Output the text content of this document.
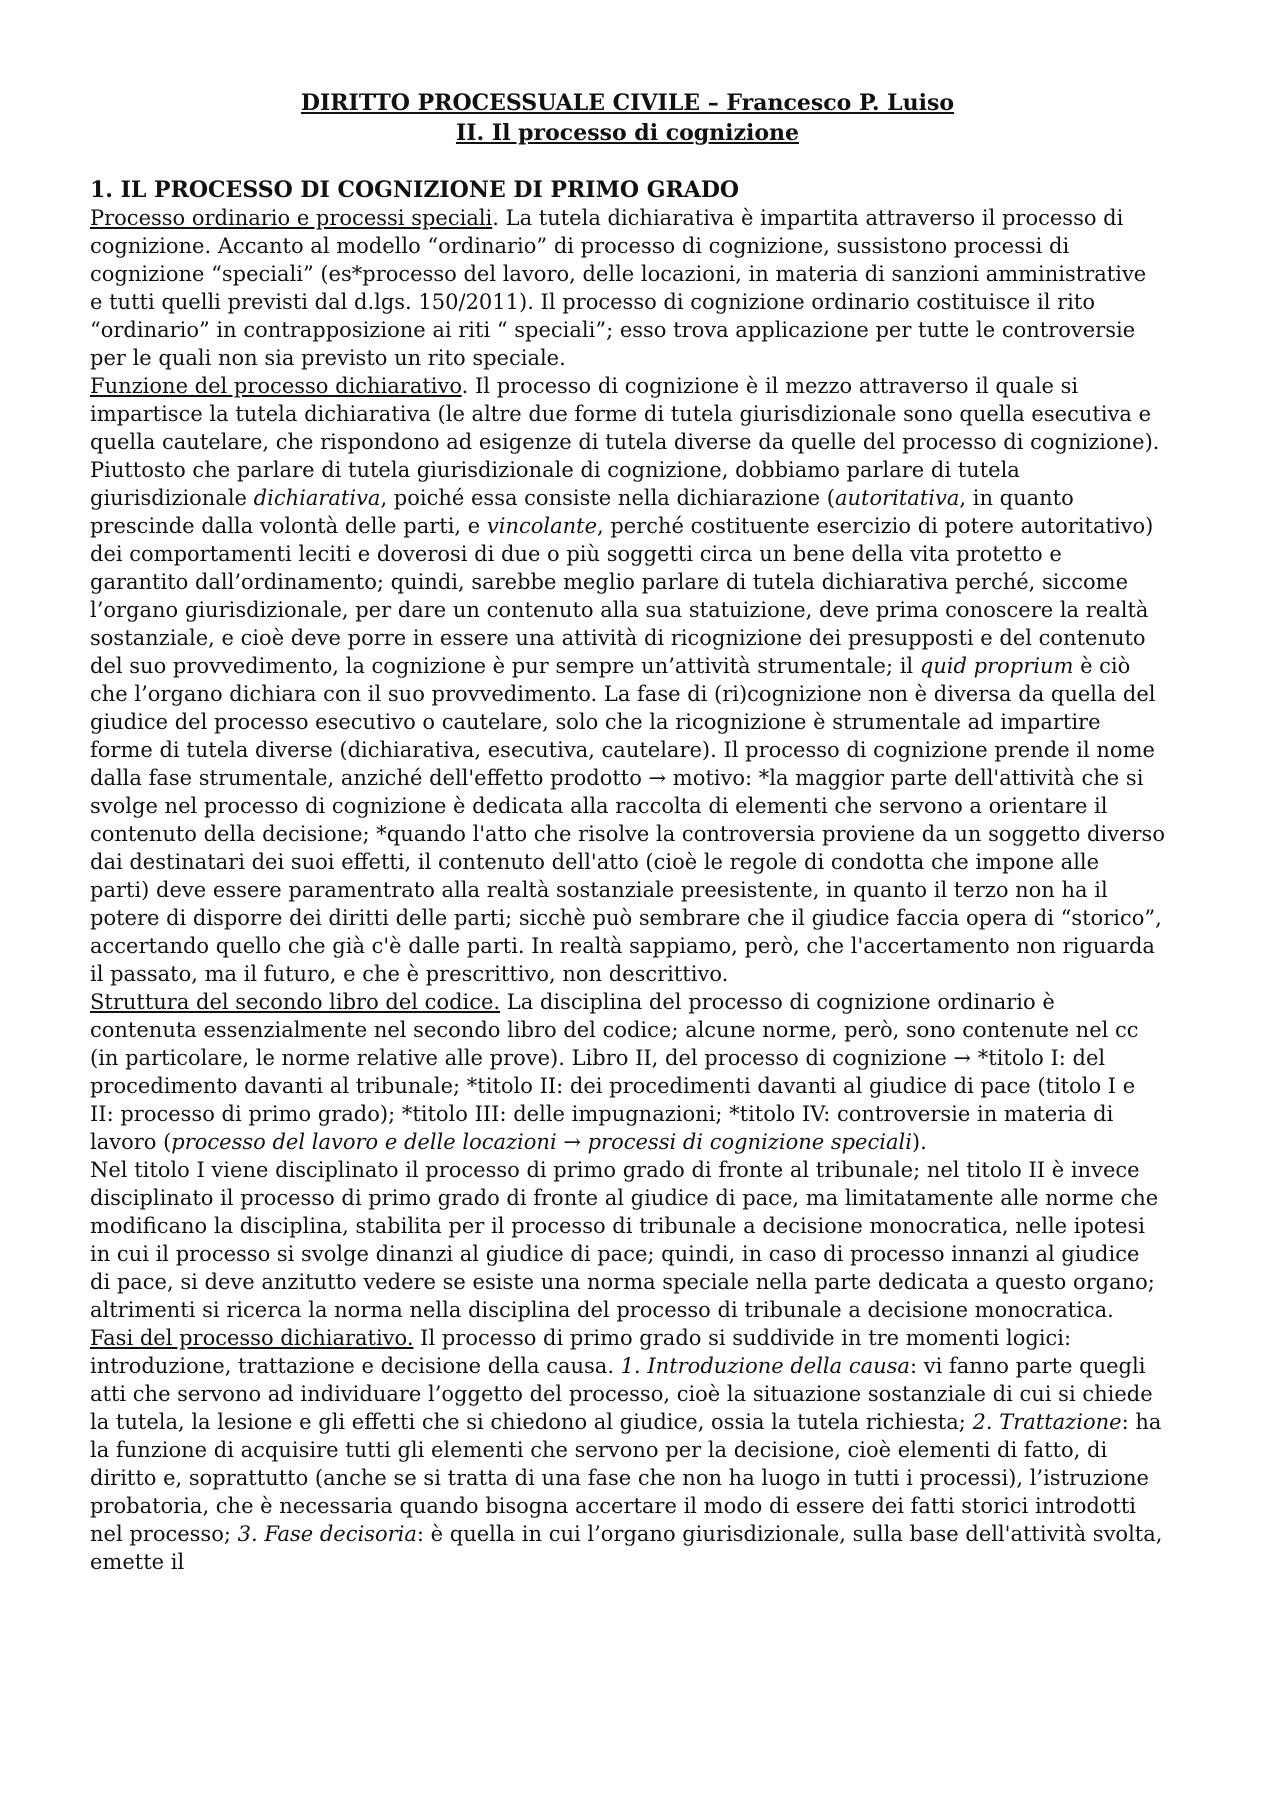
DIRITTO PROCESSUALE CIVILE – Francesco P. Luiso

II. Il processo di cognizione

1. IL PROCESSO DI COGNIZIONE DI PRIMO GRADO

Processo ordinario e processi speciali. La tutela dichiarativa è impartita attraverso il processo di cognizione. Accanto al modello “ordinario” di processo di cognizione, sussistono processi di cognizione “speciali” (es*processo del lavoro, delle locazioni, in materia di sanzioni amministrative e tutti quelli previsti dal d.lgs. 150/2011). Il processo di cognizione ordinario costituisce il rito “ordinario” in contrapposizione ai riti “ speciali”; esso trova applicazione per tutte le controversie per le quali non sia previsto un rito speciale.

Funzione del processo dichiarativo. Il processo di cognizione è il mezzo attraverso il quale si impartisce la tutela dichiarativa (le altre due forme di tutela giurisdizionale sono quella esecutiva e quella cautelare, che rispondono ad esigenze di tutela diverse da quelle del processo di cognizione). Piuttosto che parlare di tutela giurisdizionale di cognizione, dobbiamo parlare di tutela giurisdizionale dichiarativa, poiché essa consiste nella dichiarazione (autoritativa, in quanto prescinde dalla volontà delle parti, e vincolante, perché costituente esercizio di potere autoritativo) dei comportamenti leciti e doverosi di due o più soggetti circa un bene della vita protetto e garantito dall’ordinamento; quindi, sarebbe meglio parlare di tutela dichiarativa perché, siccome l’organo giurisdizionale, per dare un contenuto alla sua statuizione, deve prima conoscere la realtà sostanziale, e cioè deve porre in essere una attività di ricognizione dei presupposti e del contenuto del suo provvedimento, la cognizione è pur sempre un’attività strumentale; il quid proprium è ciò che l’organo dichiara con il suo provvedimento. La fase di (ri)cognizione non è diversa da quella del giudice del processo esecutivo o cautelare, solo che la ricognizione è strumentale ad impartire forme di tutela diverse (dichiarativa, esecutiva, cautelare). Il processo di cognizione prende il nome dalla fase strumentale, anziché dell'effetto prodotto → motivo: *la maggior parte dell'attività che si svolge nel processo di cognizione è dedicata alla raccolta di elementi che servono a orientare il contenuto della decisione; *quando l'atto che risolve la controversia proviene da un soggetto diverso dai destinatari dei suoi effetti, il contenuto dell'atto (cioè le regole di condotta che impone alle parti) deve essere paramentrato alla realtà sostanziale preesistente, in quanto il terzo non ha il potere di disporre dei diritti delle parti; sicchè può sembrare che il giudice faccia opera di “storico”, accertando quello che già c'è dalle parti. In realtà sappiamo, però, che l'accertamento non riguarda il passato, ma il futuro, e che è prescrittivo, non descrittivo.

Struttura del secondo libro del codice. La disciplina del processo di cognizione ordinario è contenuta essenzialmente nel secondo libro del codice; alcune norme, però, sono contenute nel cc (in particolare, le norme relative alle prove). Libro II, del processo di cognizione → *titolo I: del procedimento davanti al tribunale; *titolo II: dei procedimenti davanti al giudice di pace (titolo I e II: processo di primo grado); *titolo III: delle impugnazioni; *titolo IV: controversie in materia di lavoro (processo del lavoro e delle locazioni → processi di cognizione speciali).

Nel titolo I viene disciplinato il processo di primo grado di fronte al tribunale; nel titolo II è invece disciplinato il processo di primo grado di fronte al giudice di pace, ma limitatamente alle norme che modificano la disciplina, stabilita per il processo di tribunale a decisione monocratica, nelle ipotesi in cui il processo si svolge dinanzi al giudice di pace; quindi, in caso di processo innanzi al giudice di pace, si deve anzitutto vedere se esiste una norma speciale nella parte dedicata a questo organo; altrimenti si ricerca la norma nella disciplina del processo di tribunale a decisione monocratica.

Fasi del processo dichiarativo. Il processo di primo grado si suddivide in tre momenti logici: introduzione, trattazione e decisione della causa. 1. Introduzione della causa: vi fanno parte quegli atti che servono ad individuare l’oggetto del processo, cioè la situazione sostanziale di cui si chiede la tutela, la lesione e gli effetti che si chiedono al giudice, ossia la tutela richiesta; 2. Trattazione: ha la funzione di acquisire tutti gli elementi che servono per la decisione, cioè elementi di fatto, di diritto e, soprattutto (anche se si tratta di una fase che non ha luogo in tutti i processi), l’istruzione probatoria, che è necessaria quando bisogna accertare il modo di essere dei fatti storici introdotti nel processo; 3. Fase decisoria: è quella in cui l’organo giurisdizionale, sulla base dell'attività svolta, emette il
